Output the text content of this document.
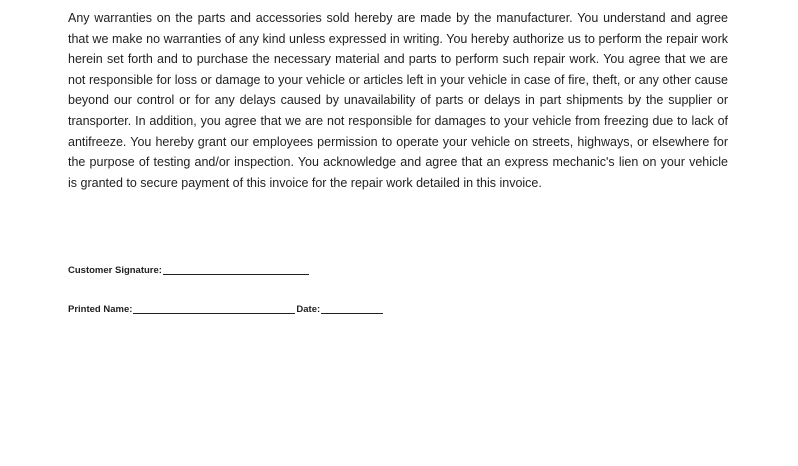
Any warranties on the parts and accessories sold hereby are made by the manufacturer. You understand and agree that we make no warranties of any kind unless expressed in writing. You hereby authorize us to perform the repair work herein set forth and to purchase the necessary material and parts to perform such repair work. You agree that we are not responsible for loss or damage to your vehicle or articles left in your vehicle in case of fire, theft, or any other cause beyond our control or for any delays caused by unavailability of parts or delays in part shipments by the supplier or transporter. In addition, you agree that we are not responsible for damages to your vehicle from freezing due to lack of antifreeze. You hereby grant our employees permission to operate your vehicle on streets, highways, or elsewhere for the purpose of testing and/or inspection. You acknowledge and agree that an express mechanic's lien on your vehicle is granted to secure payment of this invoice for the repair work detailed in this invoice.

Customer Signature:
Printed Name:	Date:
